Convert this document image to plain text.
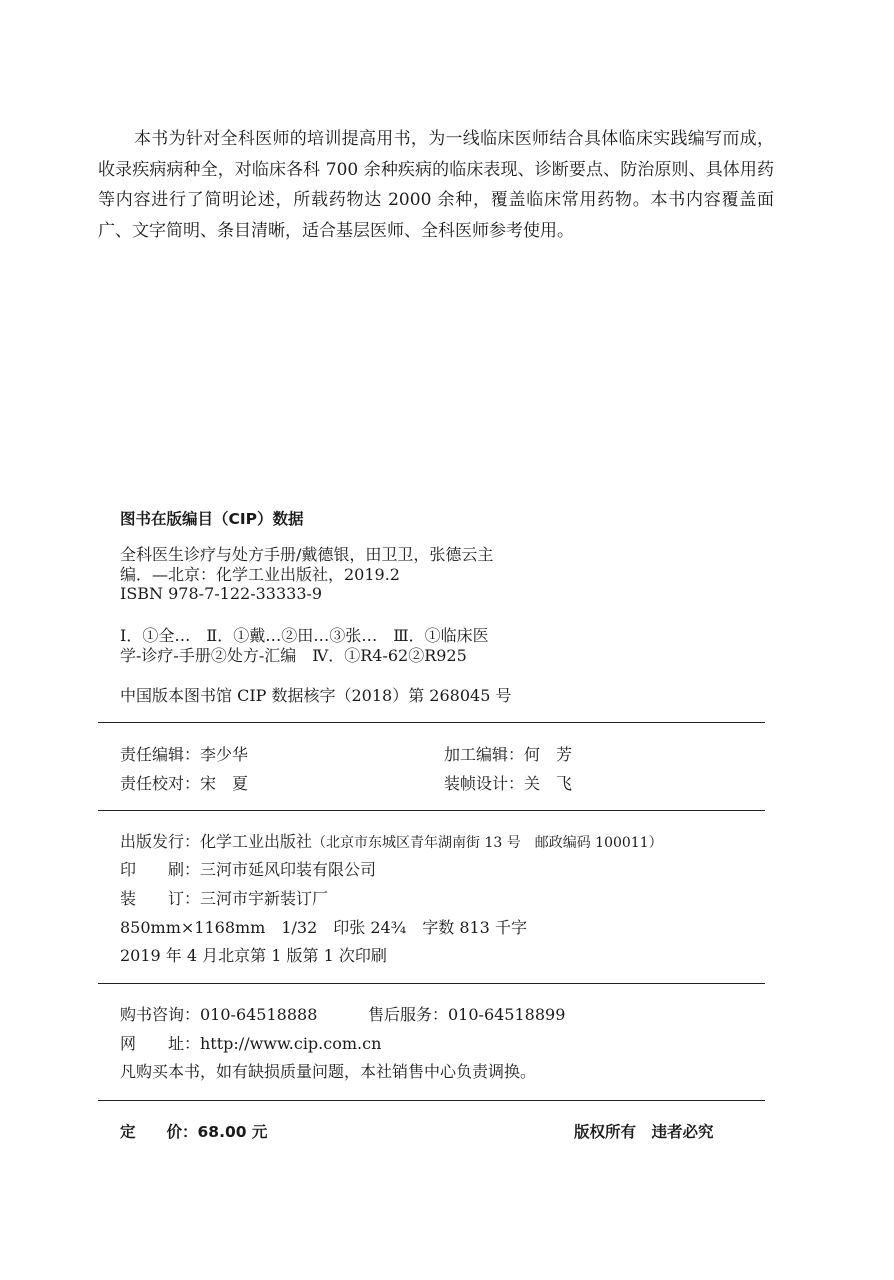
本书为针对全科医师的培训提高用书，为一线临床医师结合具体临床实践编写而成，收录疾病病种全，对临床各科 700 余种疾病的临床表现、诊断要点、防治原则、具体用药等内容进行了简明论述，所载药物达 2000 余种，覆盖临床常用药物。本书内容覆盖面广、文字简明、条目清晰，适合基层医师、全科医师参考使用。

图书在版编目（CIP）数据
全科医生诊疗与处方手册/戴德银，田卫卫，张德云主
编．—北京：化学工业出版社，2019.2
ISBN 978-7-122-33333-9
Ⅰ．①全…　Ⅱ．①戴…②田…③张…　Ⅲ．①临床医
学-诊疗-手册②处方-汇编　Ⅳ．①R4-62②R925
中国版本图书馆 CIP 数据核字（2018）第 268045 号
责任编辑：李少华	加工编辑：何　芳
责任校对：宋　夏	装帧设计：关　飞
出版发行：化学工业出版社（北京市东城区青年湖南街 13 号　邮政编码 100011）
印　　刷：三河市延风印装有限公司
装　　订：三河市宇新装订厂
850mm×1168mm　1/32　印张 24¾　字数 813 千字
2019 年 4 月北京第 1 版第 1 次印刷
购书咨询：010-64518888	售后服务：010-64518899
网　　址：http://www.cip.com.cn
凡购买本书，如有缺损质量问题，本社销售中心负责调换。
定　　价：68.00 元	版权所有　违者必究
